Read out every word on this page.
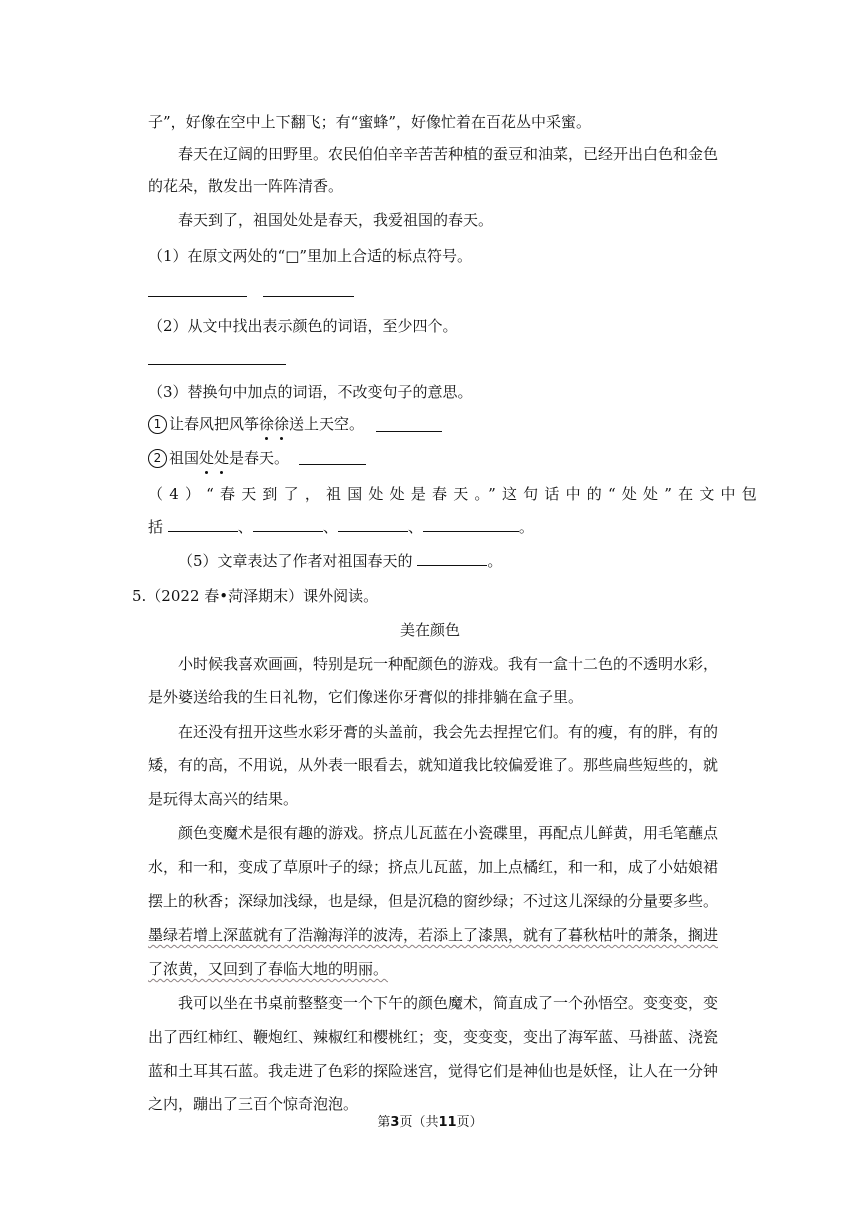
子”，好像在空中上下翻飞；有“蜜蜂”，好像忙着在百花丛中采蜜。
春天在辽阔的田野里。农民伯伯辛辛苦苦种植的蚕豆和油菜，已经开出白色和金色
的花朵，散发出一阵阵清香。
春天到了，祖国处处是春天，我爱祖国的春天。
（1）在原文两处的“□”里加上合适的标点符号。
（2）从文中找出表示颜色的词语，至少四个。
（3）替换句中加点的词语，不改变句子的意思。
1 让春风把风筝徐徐送上天空。
2 祖国处处是春天。
（4）“春天到了，祖国处处是春天。”这句话中的“处处”在文中包
括	、	、	、	。
（5）文章表达了作者对祖国春天的	。
5.（2022 春•菏泽期末）课外阅读。
美在颜色
小时候我喜欢画画，特别是玩一种配颜色的游戏。我有一盒十二色的不透明水彩，
是外婆送给我的生日礼物，它们像迷你牙膏似的排排躺在盒子里。
在还没有扭开这些水彩牙膏的头盖前，我会先去捏捏它们。有的瘦，有的胖，有的
矮，有的高，不用说，从外表一眼看去，就知道我比较偏爱谁了。那些扁些短些的，就
是玩得太高兴的结果。
颜色变魔术是很有趣的游戏。挤点儿瓦蓝在小瓷碟里，再配点儿鲜黄，用毛笔蘸点
水，和一和，变成了草原叶子的绿；挤点儿瓦蓝，加上点橘红，和一和，成了小姑娘裙
摆上的秋香；深绿加浅绿，也是绿，但是沉稳的窗纱绿；不过这儿深绿的分量要多些。
墨绿若增上深蓝就有了浩瀚海洋的波涛，若添上了漆黑，就有了暮秋枯叶的萧条，搁进
了浓黄，又回到了春临大地的明丽。
我可以坐在书桌前整整变一个下午的颜色魔术，简直成了一个孙悟空。变变变，变
出了西红柿红、鞭炮红、辣椒红和樱桃红；变，变变变，变出了海军蓝、马褂蓝、浇瓷
蓝和土耳其石蓝。我走进了色彩的探险迷宫，觉得它们是神仙也是妖怪，让人在一分钟
之内，蹦出了三百个惊奇泡泡。
第3页（共11页）
